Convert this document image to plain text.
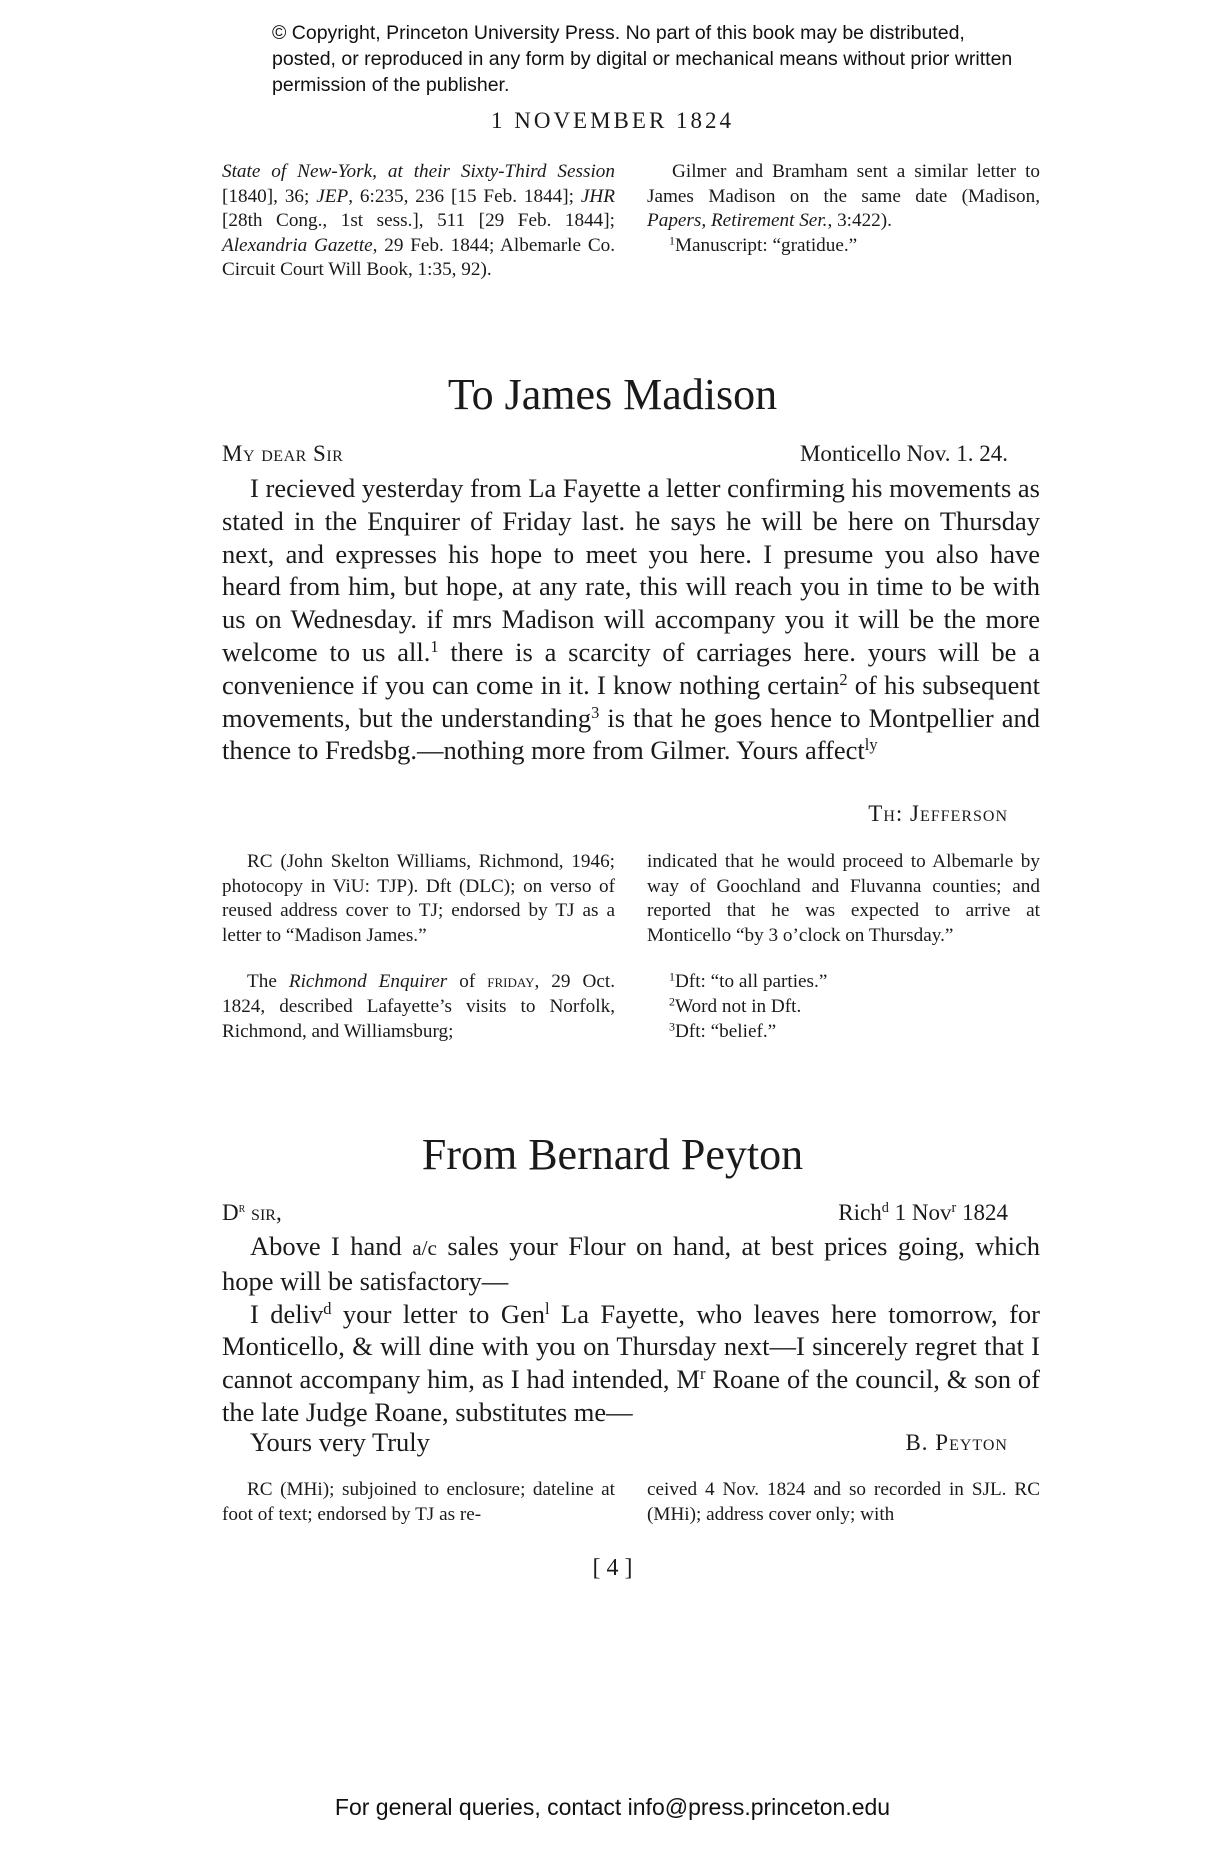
© Copyright, Princeton University Press. No part of this book may be distributed, posted, or reproduced in any form by digital or mechanical means without prior written permission of the publisher.
1 NOVEMBER 1824

State of New-York, at their Sixty-Third Session [1840], 36; JEP, 6:235, 236 [15 Feb. 1844]; JHR [28th Cong., 1st sess.], 511 [29 Feb. 1844]; Alexandria Gazette, 29 Feb. 1844; Albemarle Co. Circuit Court Will Book, 1:35, 92).

Gilmer and Bramham sent a similar letter to James Madison on the same date (Madison, Papers, Retirement Ser., 3:422).

$^1$Manuscript: “gratidue.”

To James Madison
My dear Sir	Monticello Nov. 1. 24.

I recieved yesterday from La Fayette a letter confirming his movements as stated in the Enquirer of Friday last. he says he will be here on Thursday next, and expresses his hope to meet you here. I presume you also have heard from him, but hope, at any rate, this will reach you in time to be with us on Wednesday. if mrs Madison will accompany you it will be the more welcome to us all.$^1$ there is a scarcity of carriages here. yours will be a convenience if you can come in it. I know nothing certain$^2$ of his subsequent movements, but the understanding$^3$ is that he goes hence to Montpellier and thence to Fredsbg.—nothing more from Gilmer. Yours affect$^{ly}$

Th: Jefferson

RC (John Skelton Williams, Richmond, 1946; photocopy in ViU: TJP). Dft (DLC); on verso of reused address cover to TJ; endorsed by TJ as a letter to “Madison James.”

The Richmond Enquirer of friday, 29 Oct. 1824, described Lafayette’s visits to Norfolk, Richmond, and Williamsburg;

indicated that he would proceed to Albemarle by way of Goochland and Fluvanna counties; and reported that he was expected to arrive at Monticello “by 3 o’clock on Thursday.”

$^1$Dft: “to all parties.”
$^2$Word not in Dft.
$^3$Dft: “belief.”
From Bernard Peyton
$D^r$ sir,	Rich$^d$ 1 Nov$^r$ 1824

Above I hand a/c sales your Flour on hand, at best prices going, which hope will be satisfactory—

I deliv$^d$ your letter to Gen$^l$ La Fayette, who leaves here tomorrow, for Monticello, & will dine with you on Thursday next—I sincerely regret that I cannot accompany him, as I had intended, $M^r$ Roane of the council, & son of the late Judge Roane, substitutes me—

Yours very Truly	B. Peyton

RC (MHi); subjoined to enclosure; dateline at foot of text; endorsed by TJ as re-

ceived 4 Nov. 1824 and so recorded in SJL. RC (MHi); address cover only; with

[ 4 ]
For general queries, contact info@press.princeton.edu
